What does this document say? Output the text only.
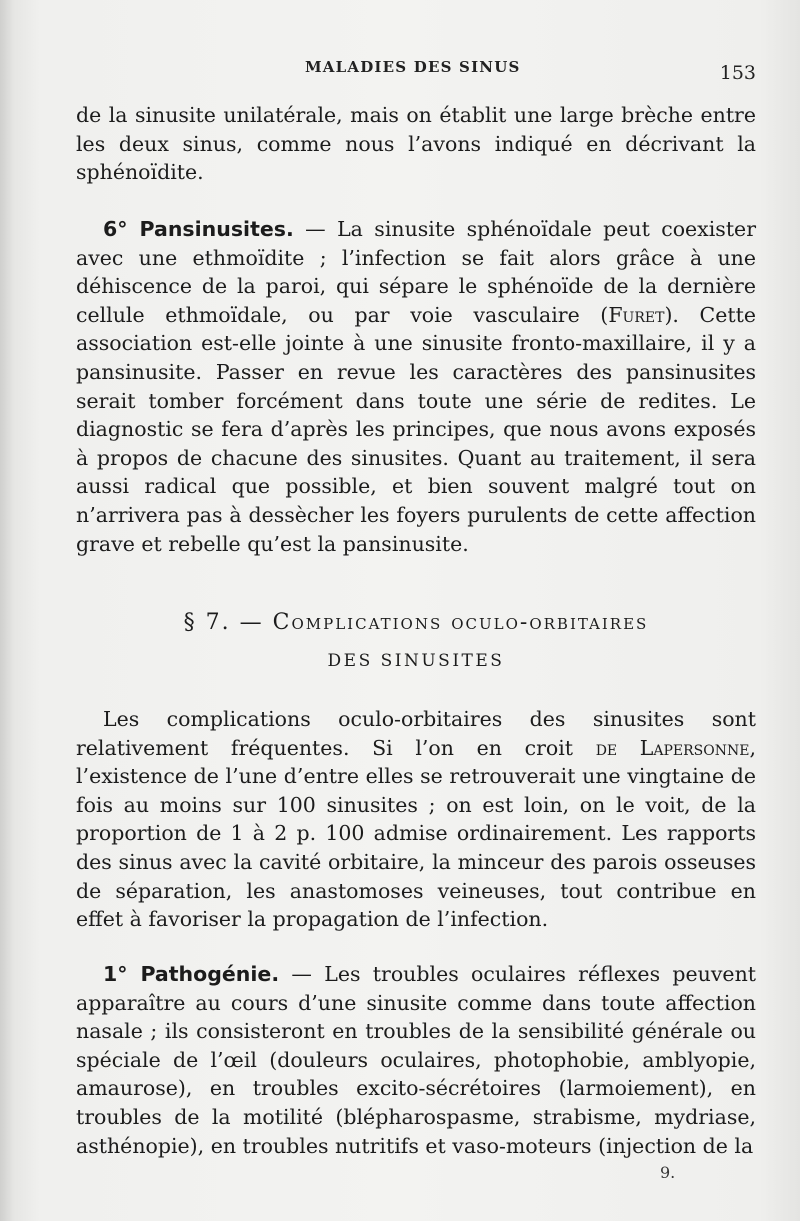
MALADIES DES SINUS	153

de la sinusite unilatérale, mais on établit une large brèche entre les deux sinus, comme nous l’avons indiqué en décrivant la sphénoïdite.

6° Pansinusites. — La sinusite sphénoïdale peut coexister avec une ethmoïdite ; l’infection se fait alors grâce à une déhiscence de la paroi, qui sépare le sphénoïde de la dernière cellule ethmoïdale, ou par voie vasculaire (Furet). Cette association est-elle jointe à une sinusite fronto-maxillaire, il y a pansinusite. Passer en revue les caractères des pansinusites serait tomber forcément dans toute une série de redites. Le diagnostic se fera d’après les principes, que nous avons exposés à propos de chacune des sinusites. Quant au traitement, il sera aussi radical que possible, et bien souvent malgré tout on n’arrivera pas à dessècher les foyers purulents de cette affection grave et rebelle qu’est la pansinusite.

§ 7. — Complications oculo-orbitaires
DES SINUSITES

Les complications oculo-orbitaires des sinusites sont relativement fréquentes. Si l’on en croit de Lapersonne, l’existence de l’une d’entre elles se retrouverait une vingtaine de fois au moins sur 100 sinusites ; on est loin, on le voit, de la proportion de 1 à 2 p. 100 admise ordinairement. Les rapports des sinus avec la cavité orbitaire, la minceur des parois osseuses de séparation, les anastomoses veineuses, tout contribue en effet à favoriser la propagation de l’infection.

1° Pathogénie. — Les troubles oculaires réflexes peuvent apparaître au cours d’une sinusite comme dans toute affection nasale ; ils consisteront en troubles de la sensibilité générale ou spéciale de l’œil (douleurs oculaires, photophobie, amblyopie, amaurose), en troubles excito-sécrétoires (larmoiement), en troubles de la motilité (blépharospasme, strabisme, mydriase, asthénopie), en troubles nutritifs et vaso-moteurs (injection de la

9.
